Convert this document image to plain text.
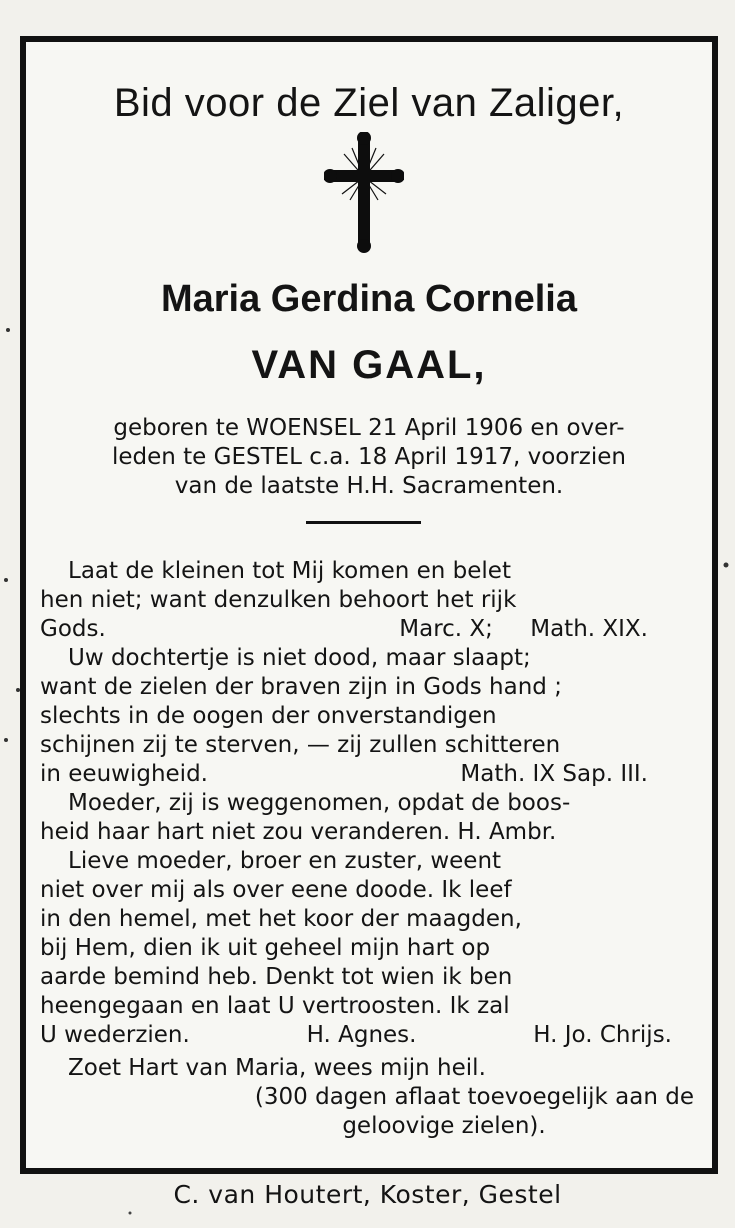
Bid voor de Ziel van Zaliger,
Maria Gerdina Cornelia
VAN GAAL,
geboren te WOENSEL 21 April 1906 en over-
leden te GESTEL c.a. 18 April 1917, voorzien
van de laatste H.H. Sacramenten.
Laat de kleinen tot Mij komen en belet
hen niet; want denzulken behoort het rijk
Gods.	Marc. X; Math. XIX.
Uw dochtertje is niet dood, maar slaapt;
want de zielen der braven zijn in Gods hand ;
slechts in de oogen der onverstandigen
schijnen zij te sterven, — zij zullen schitteren
in eeuwigheid.	Math. IX Sap. III.
Moeder, zij is weggenomen, opdat de boos-
heid haar hart niet zou veranderen. H. Ambr.
Lieve moeder, broer en zuster, weent
niet over mij als over eene doode. Ik leef
in den hemel, met het koor der maagden,
bij Hem, dien ik uit geheel mijn hart op
aarde bemind heb. Denkt tot wien ik ben
heengegaan en laat U vertroosten. Ik zal
U wederzien.	H. Agnes.	H. Jo. Chrijs.
Zoet Hart van Maria, wees mijn heil.
(300 dagen aflaat toevoegelijk aan de
geloovige zielen).
C. van Houtert, Koster, Gestel
